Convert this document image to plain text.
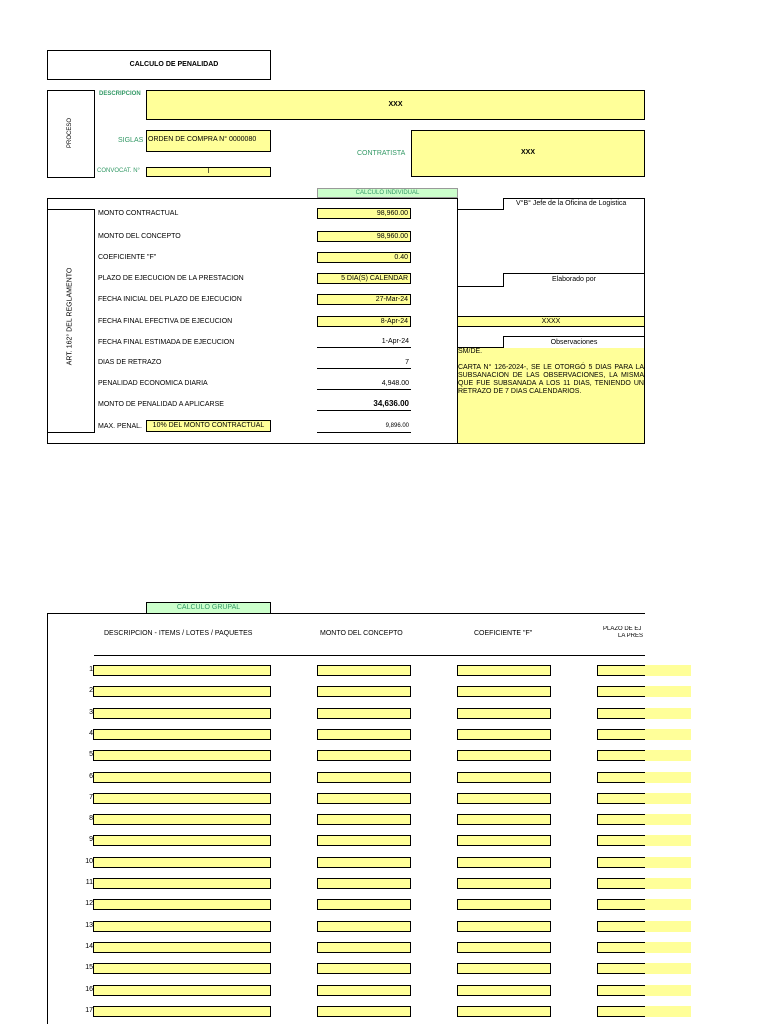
CALCULO DE PENALIDAD
PROCESO
DESCRIPCION
XXX
SIGLAS ORDEN DE COMPRA N° 0000080
CONTRATISTA	XXX
CONVOCAT. N°	I
CALCULO INDIVIDUAL
ART. 162° DEL REGLAMENTO
MONTO CONTRACTUAL	98,960.00
MONTO DEL CONCEPTO	98,960.00
COEFICIENTE "F"	0.40
PLAZO DE EJECUCION DE LA PRESTACION	5 DIA(S) CALENDAR
FECHA INICIAL DEL PLAZO DE EJECUCION	27-Mar-24
FECHA FINAL EFECTIVA DE EJECUCION	8-Apr-24
FECHA FINAL ESTIMADA DE EJECUCION	1-Apr-24
DIAS DE RETRAZO	7
PENALIDAD ECONOMICA DIARIA	4,948.00
MONTO DE PENALIDAD A APLICARSE	34,636.00
MAX. PENAL.	10% DEL MONTO CONTRACTUAL	9,896.00
V°B° Jefe de la Oficina de Logistica
Elaborado por
XXXX
Observaciones
SM/DE.
CARTA N° 126-2024-, SE LE OTORGÓ 5 DIAS PARA LA SUBSANACION DE LAS OBSERVACIONES, LA MISMA QUE FUE SUBSANADA A LOS 11 DIAS, TENIENDO UN RETRAZO DE 7 DIAS CALENDARIOS.
CALCULO GRUPAL
DESCRIPCION - ITEMS / LOTES / PAQUETES	MONTO DEL CONCEPTO	COEFICIENTE "F"
PLAZO DE EJ
LA PRES
1
2
3
4
5
6
7
8
9
10
11
12
13
14
15
16
17
